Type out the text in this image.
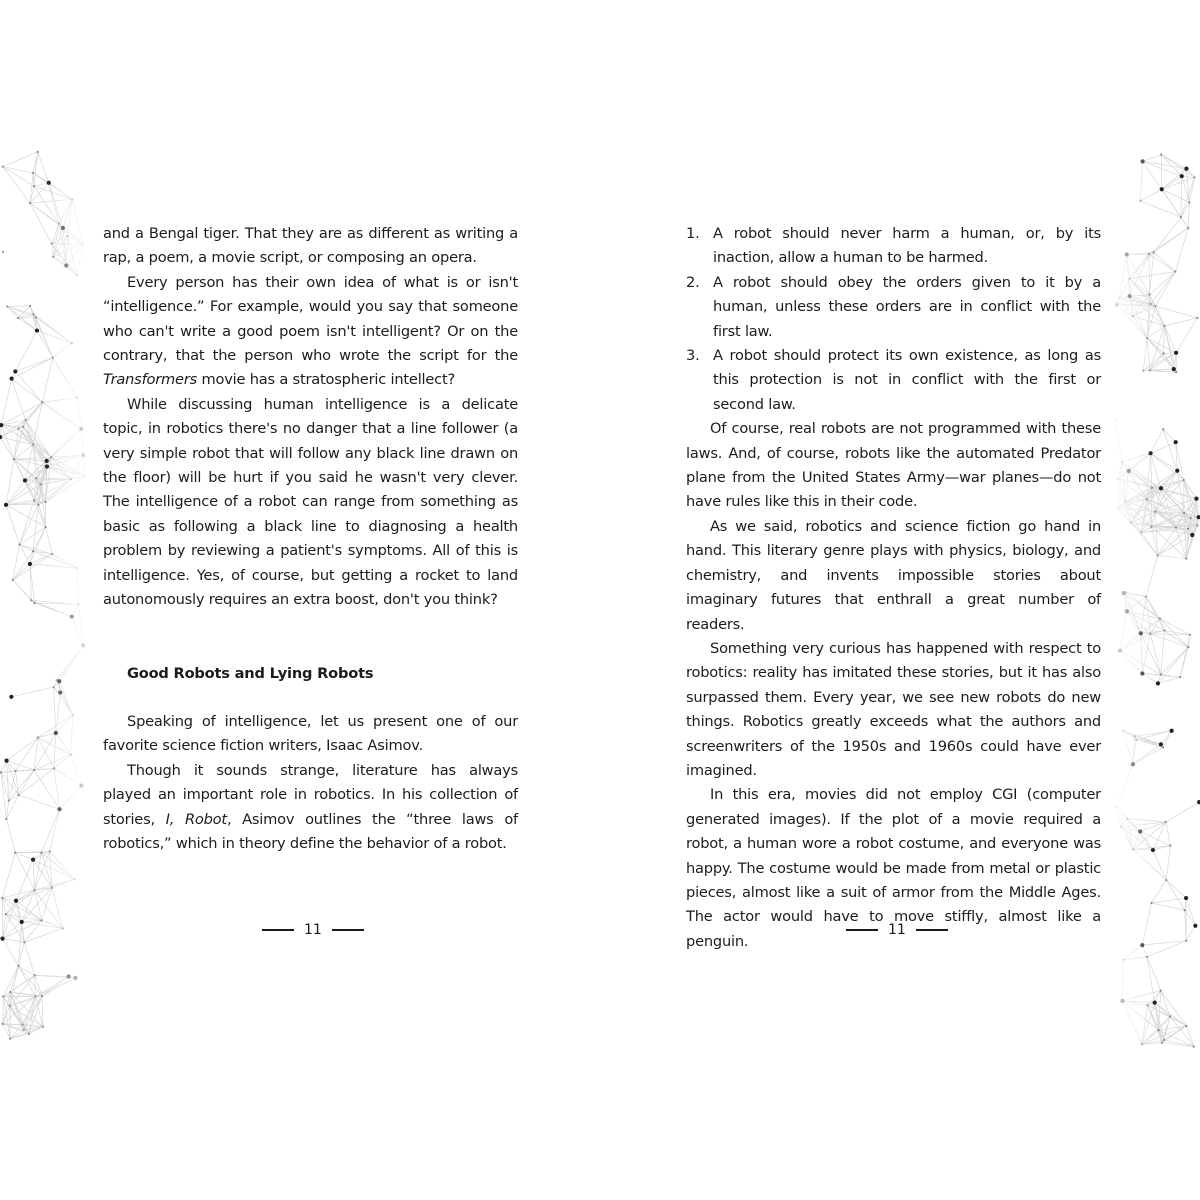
and a Bengal tiger. That they are as different as writing a rap, a poem, a movie script, or composing an opera.

Every person has their own idea of what is or isn't “intelligence.” For example, would you say that someone who can't write a good poem isn't intelligent? Or on the contrary, that the person who wrote the script for the Transformers movie has a stratospheric intellect?

While discussing human intelligence is a delicate topic, in robotics there's no danger that a line follower (a very simple robot that will follow any black line drawn on the floor) will be hurt if you said he wasn't very clever. The intelligence of a robot can range from something as basic as following a black line to diagnosing a health problem by reviewing a patient's symptoms. All of this is intelligence. Yes, of course, but getting a rocket to land autonomously requires an extra boost, don't you think?

Good Robots and Lying Robots

Speaking of intelligence, let us present one of our favorite science fiction writers, Isaac Asimov.

Though it sounds strange, literature has always played an important role in robotics. In his collection of stories, I, Robot, Asimov outlines the “three laws of robotics,” which in theory define the behavior of a robot.

11
1. A robot should never harm a human, or, by its inaction, allow a human to be harmed.
2. A robot should obey the orders given to it by a human, unless these orders are in conflict with the first law.
3. A robot should protect its own existence, as long as this protection is not in conflict with the first or second law.

Of course, real robots are not programmed with these laws. And, of course, robots like the automated Predator plane from the United States Army—war planes—do not have rules like this in their code.

As we said, robotics and science fiction go hand in hand. This literary genre plays with physics, biology, and chemistry, and invents impossible stories about imaginary futures that enthrall a great number of readers.

Something very curious has happened with respect to robotics: reality has imitated these stories, but it has also surpassed them. Every year, we see new robots do new things. Robotics greatly exceeds what the authors and screenwriters of the 1950s and 1960s could have ever imagined.

In this era, movies did not employ CGI (computer generated images). If the plot of a movie required a robot, a human wore a robot costume, and everyone was happy. The costume would be made from metal or plastic pieces, almost like a suit of armor from the Middle Ages. The actor would have to move stiffly, almost like a penguin.

11
